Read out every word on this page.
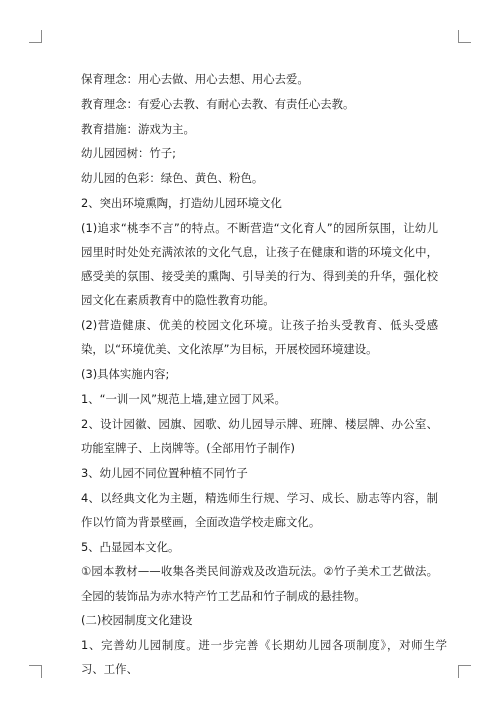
保育理念：用心去做、用心去想、用心去爱。

教育理念：有爱心去教、有耐心去教、有责任心去教。

教育措施：游戏为主。

幼儿园园树：竹子;

幼儿园的色彩：绿色、黄色、粉色。

2、突出环境熏陶，打造幼儿园环境文化

(1)追求“桃李不言”的特点。不断营造“文化育人”的园所氛围，让幼儿园里时时处处充满浓浓的文化气息，让孩子在健康和谐的环境文化中，感受美的氛围、接受美的熏陶、引导美的行为、得到美的升华，强化校园文化在素质教育中的隐性教育功能。

(2)营造健康、优美的校园文化环境。让孩子抬头受教育、低头受感染，以“环境优美、文化浓厚”为目标，开展校园环境建设。

(3)具体实施内容;

1、“一训一风”规范上墙,建立园丁风采。

2、设计园徽、园旗、园歌、幼儿园导示牌、班牌、楼层牌、办公室、功能室牌子、上岗牌等。(全部用竹子制作)

3、幼儿园不同位置种植不同竹子

4、以经典文化为主题，精选师生行规、学习、成长、励志等内容，制作以竹简为背景壁画，全面改造学校走廊文化。

5、凸显园本文化。

①园本教材——收集各类民间游戏及改造玩法。②竹子美术工艺做法。全园的装饰品为赤水特产竹工艺品和竹子制成的悬挂物。

(二)校园制度文化建设

1、完善幼儿园制度。进一步完善《长期幼儿园各项制度》，对师生学习、工作、
